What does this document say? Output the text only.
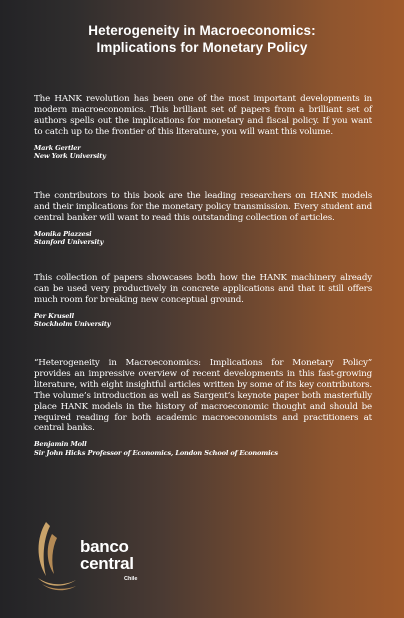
Heterogeneity in Macroeconomics:
Implications for Monetary Policy

The HANK revolution has been one of the most important developments in modern macroeconomics. This brilliant set of papers from a brilliant set of authors spells out the implications for monetary and fiscal policy. If you want to catch up to the frontier of this literature, you will want this volume.

Mark Gertler
New York University

The contributors to this book are the leading researchers on HANK models and their implications for the monetary policy transmission. Every student and central banker will want to read this outstanding collection of articles.

Monika Piazzesi
Stanford University

This collection of papers showcases both how the HANK machinery already can be used very productively in concrete applications and that it still offers much room for breaking new conceptual ground.

Per Krusell
Stockholm University

“Heterogeneity in Macroeconomics: Implications for Monetary Policy” provides an impressive overview of recent developments in this fast-growing literature, with eight insightful articles written by some of its key contributors. The volume’s introduction as well as Sargent’s keynote paper both masterfully place HANK models in the history of macroeconomic thought and should be required reading for both academic macroeconomists and practitioners at central banks.

Benjamin Moll
Sir John Hicks Professor of Economics, London School of Economics
banco
central
Chile
